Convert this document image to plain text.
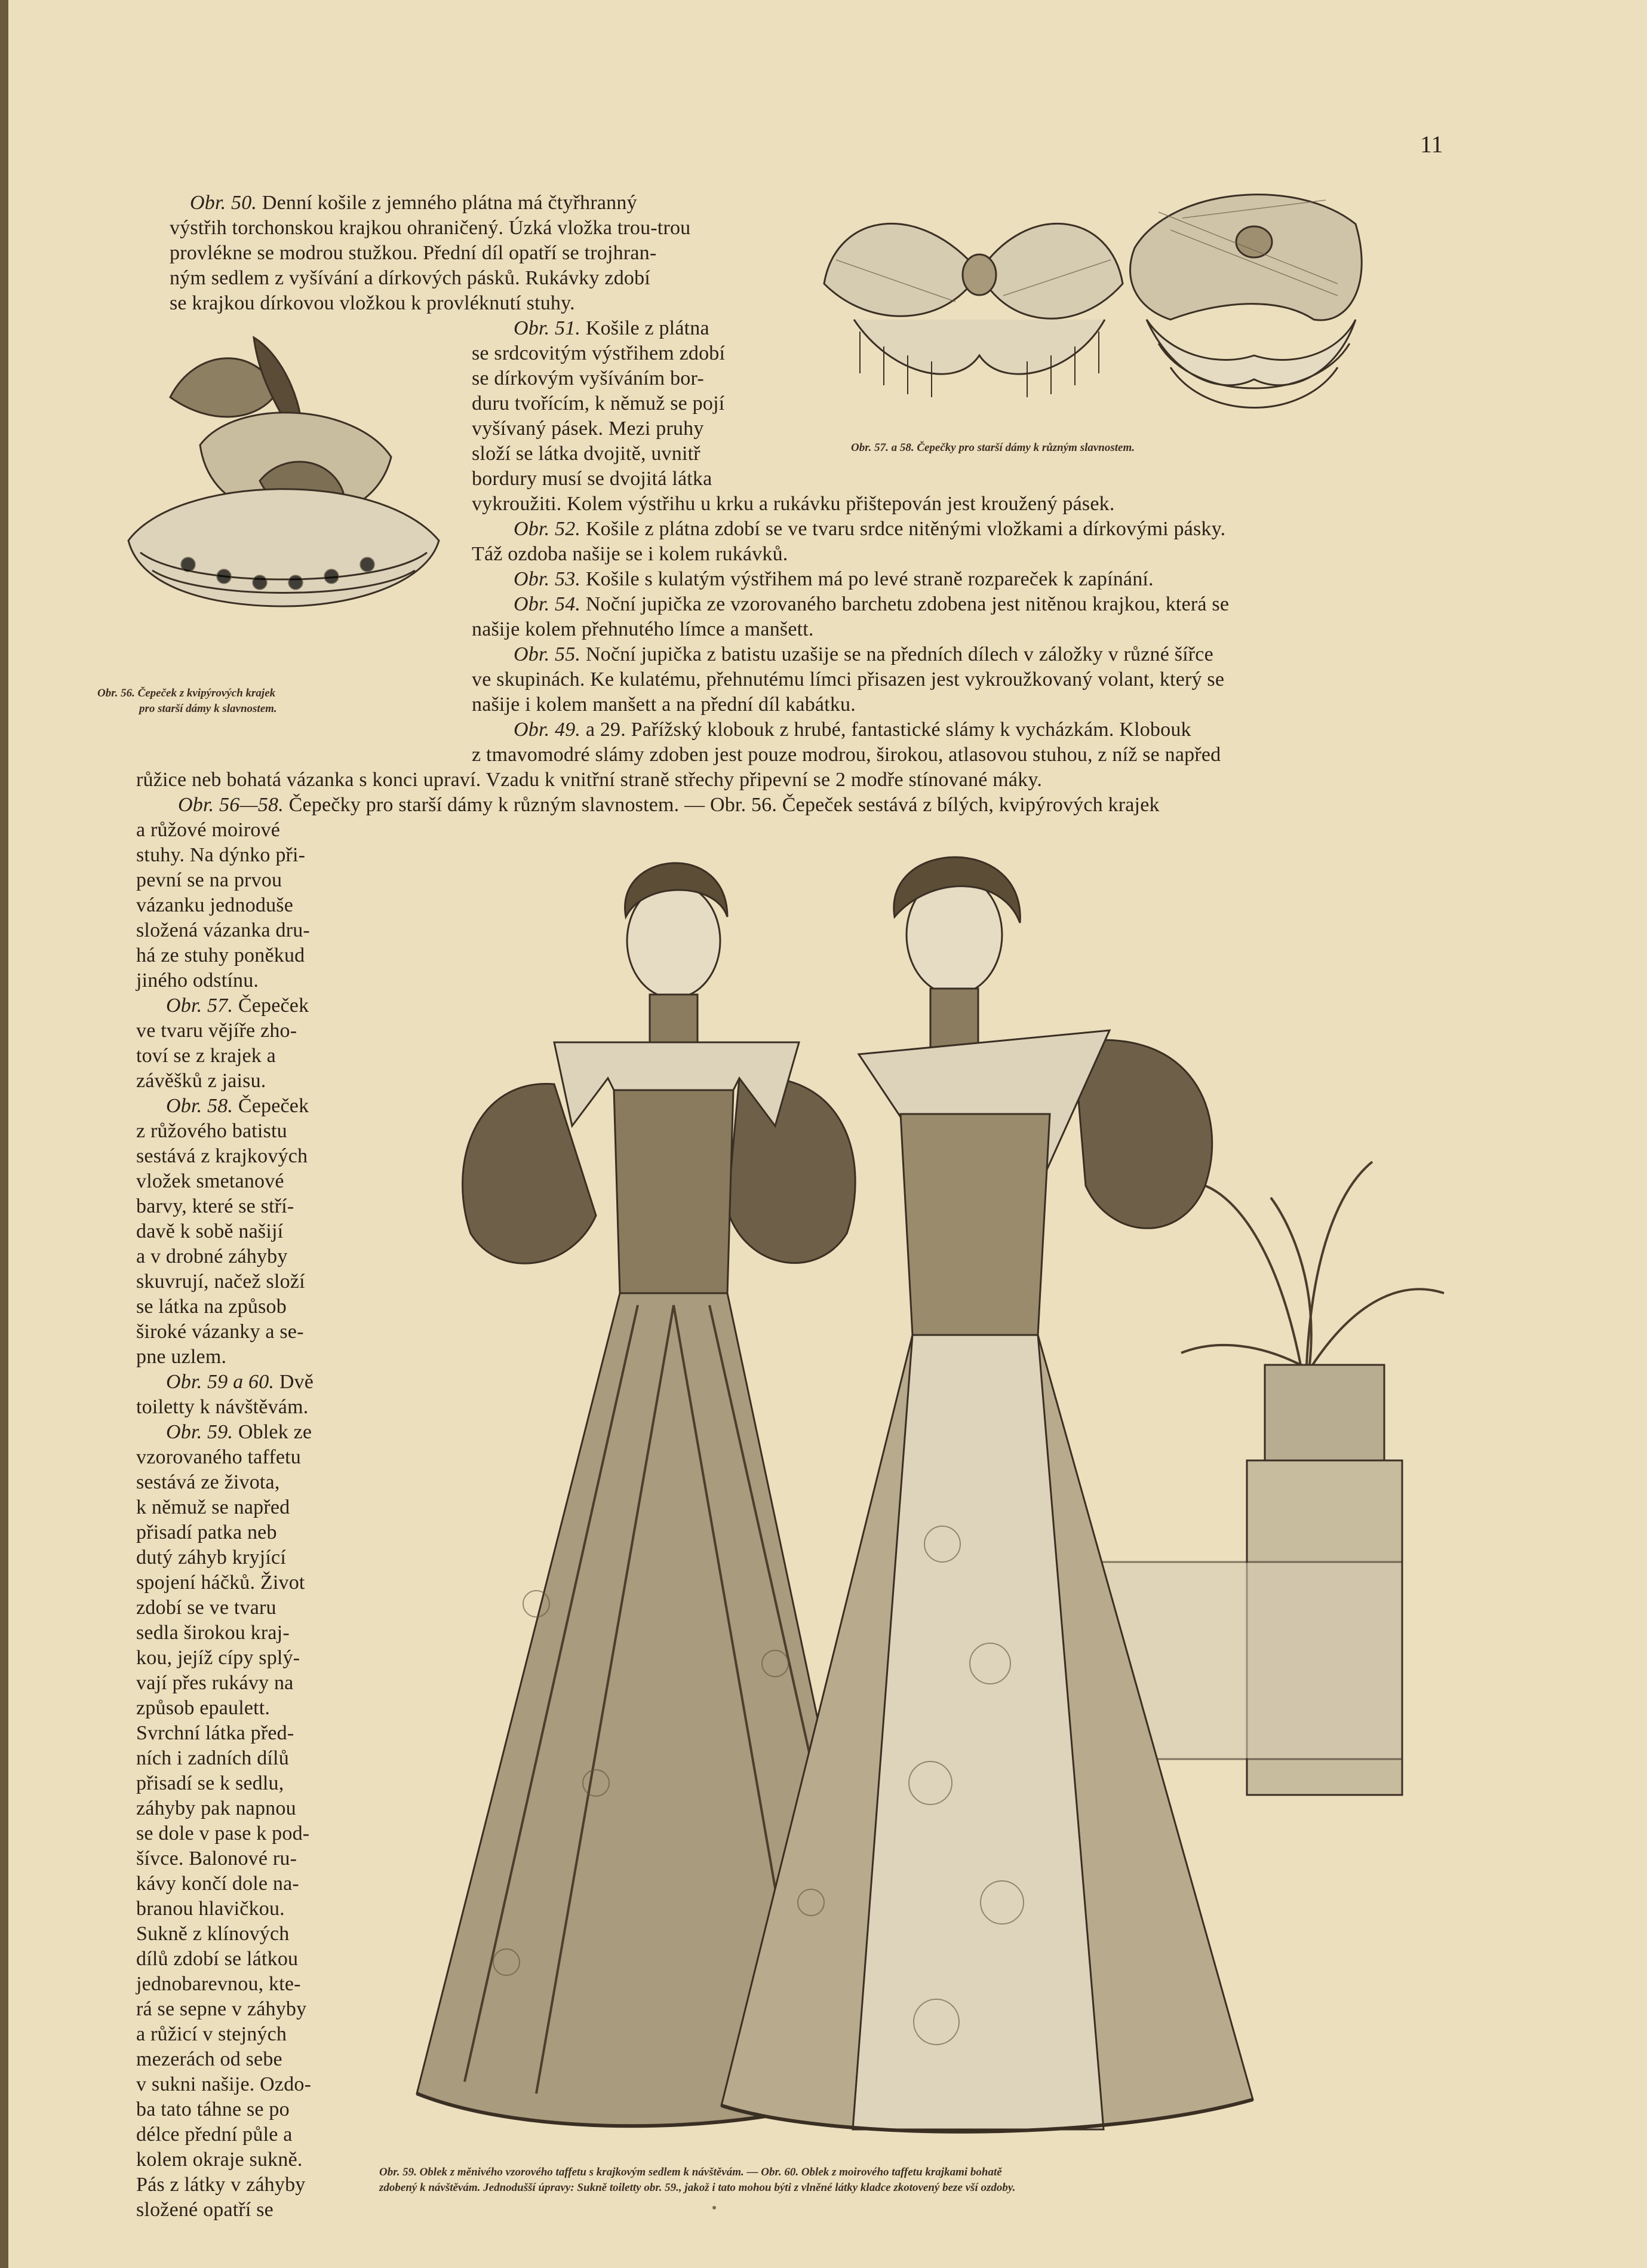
11
Obr. 57. a 58. Čepečky pro starší dámy k různým slavnostem.
Obr. 56. Čepeček z kvipýrových krajek
pro starší dámy k slavnostem.
Obr. 59. Oblek z měnivého vzorového taffetu s krajkovým sedlem k návštěvám. — Obr. 60. Oblek z moirového taffetu krajkami bohatě
zdobený k návštěvám. Jednodušší úpravy: Sukně toiletty obr. 59., jakož i tato mohou býti z vlněné látky kladce zkotovený beze vší ozdoby.
Obr. 50. Denní košile z jemného plátna má čtyřhranný
výstřih torchonskou krajkou ohraničený. Úzká vložka trou-trou
provlékne se modrou stužkou. Přední díl opatří se trojhran-
ným sedlem z vyšívání a dírkových pásků. Rukávky zdobí
se krajkou dírkovou vložkou k provléknutí stuhy.
Obr. 51. Košile z plátna
se srdcovitým výstřihem zdobí
se dírkovým vyšíváním bor-
duru tvořícím, k němuž se pojí
vyšívaný pásek. Mezi pruhy
složí se látka dvojitě, uvnitř
bordury musí se dvojitá látka
vykroužiti. Kolem výstřihu u krku a rukávku přištepován jest kroužený pásek.
Obr. 52. Košile z plátna zdobí se ve tvaru srdce nitěnými vložkami a dírkovými pásky.
Táž ozdoba našije se i kolem rukávků.
Obr. 53. Košile s kulatým výstřihem má po levé straně rozpareček k zapínání.
Obr. 54. Noční jupička ze vzorovaného barchetu zdobena jest nitěnou krajkou, která se
našije kolem přehnutého límce a manšett.
Obr. 55. Noční jupička z batistu uzašije se na předních dílech v záložky v různé šířce
ve skupinách. Ke kulatému, přehnutému límci přisazen jest vykroužkovaný volant, který se
našije i kolem manšett a na přední díl kabátku.
Obr. 49. a 29. Pařížský klobouk z hrubé, fantastické slámy k vycházkám. Klobouk
z tmavomodré slámy zdoben jest pouze modrou, širokou, atlasovou stuhou, z níž se napřed
růžice neb bohatá vázanka s konci upraví. Vzadu k vnitřní straně střechy připevní se 2 modře stínované máky.
Obr. 56—58. Čepečky pro starší dámy k různým slavnostem. — Obr. 56. Čepeček sestává z bílých, kvipýrových krajek
a růžové moirové
stuhy. Na dýnko při-
pevní se na prvou
vázanku jednoduše
složená vázanka dru-
há ze stuhy poněkud
jiného odstínu.
Obr. 57. Čepeček
ve tvaru vějíře zho-
toví se z krajek a
závěšků z jaisu.
Obr. 58. Čepeček
z růžového batistu
sestává z krajkových
vložek smetanové
barvy, které se stří-
davě k sobě našijí
a v drobné záhyby
skuvrují, načež složí
se látka na způsob
široké vázanky a se-
pne uzlem.
Obr. 59 a 60. Dvě
toiletty k návštěvám.
Obr. 59. Oblek ze
vzorovaného taffetu
sestává ze života,
k němuž se napřed
přisadí patka neb
dutý záhyb kryjící
spojení háčků. Život
zdobí se ve tvaru
sedla širokou kraj-
kou, jejíž cípy splý-
vají přes rukávy na
způsob epaulett.
Svrchní látka před-
ních i zadních dílů
přisadí se k sedlu,
záhyby pak napnou
se dole v pase k pod-
šívce. Balonové ru-
kávy končí dole na-
branou hlavičkou.
Sukně z klínových
dílů zdobí se látkou
jednobarevnou, kte-
rá se sepne v záhyby
a růžicí v stejných
mezerách od sebe
v sukni našije. Ozdo-
ba tato táhne se po
délce přední půle a
kolem okraje sukně.
Pás z látky v záhyby
složené opatří se
